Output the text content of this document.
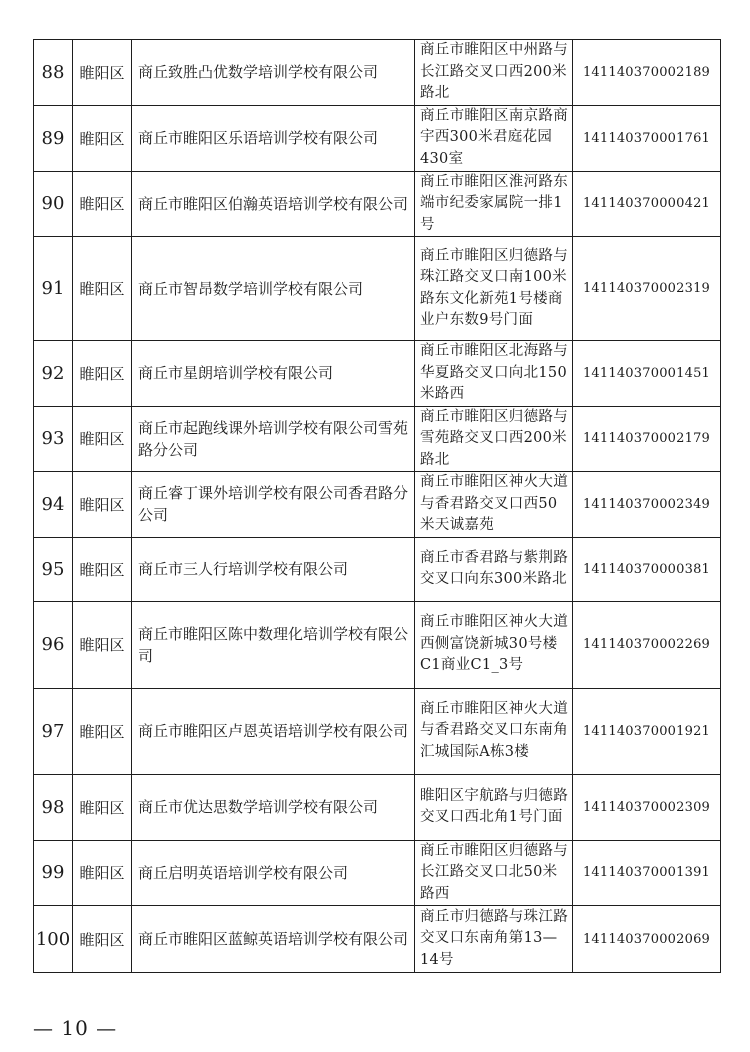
88	睢阳区	商丘致胜凸优数学培训学校有限公司	商丘市睢阳区中州路与长江路交叉口西200米路北	141140370002189
89	睢阳区	商丘市睢阳区乐语培训学校有限公司	商丘市睢阳区南京路商宇西300米君庭花园430室	141140370001761
90	睢阳区	商丘市睢阳区伯瀚英语培训学校有限公司	商丘市睢阳区淮河路东端市纪委家属院一排1号	141140370000421
91	睢阳区	商丘市智昂数学培训学校有限公司	商丘市睢阳区归德路与珠江路交叉口南100米路东文化新苑1号楼商业户东数9号门面	141140370002319
92	睢阳区	商丘市星朗培训学校有限公司	商丘市睢阳区北海路与华夏路交叉口向北150米路西	141140370001451
93	睢阳区	商丘市起跑线课外培训学校有限公司雪苑路分公司	商丘市睢阳区归德路与雪苑路交叉口西200米路北	141140370002179
94	睢阳区	商丘睿丁课外培训学校有限公司香君路分公司	商丘市睢阳区神火大道与香君路交叉口西50米天诚嘉苑	141140370002349
95	睢阳区	商丘市三人行培训学校有限公司	商丘市香君路与紫荆路交叉口向东300米路北	141140370000381
96	睢阳区	商丘市睢阳区陈中数理化培训学校有限公司	商丘市睢阳区神火大道西侧富饶新城30号楼C1商业C1_3号	141140370002269
97	睢阳区	商丘市睢阳区卢恩英语培训学校有限公司	商丘市睢阳区神火大道与香君路交叉口东南角汇城国际A栋3楼	141140370001921
98	睢阳区	商丘市优达思数学培训学校有限公司	睢阳区宇航路与归德路交叉口西北角1号门面	141140370002309
99	睢阳区	商丘启明英语培训学校有限公司	商丘市睢阳区归德路与长江路交叉口北50米路西	141140370001391
100	睢阳区	商丘市睢阳区蓝鲸英语培训学校有限公司	商丘市归德路与珠江路交叉口东南角第13—14号	141140370002069
— 10 —
